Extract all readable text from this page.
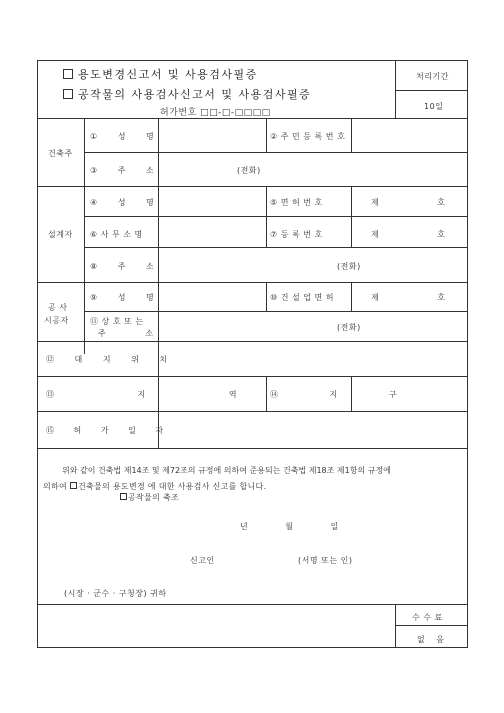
용도변경신고서 및 사용검사필증
공작물의 사용검사신고서 및 사용검사필증
허가번호 □□-□-□□□□
처리기간
10일
건축주
① 성 명	② 주 민 등 록 번 호
③ 주 소	(전화)
설계자
④ 성 명	⑤ 면 허 번 호	제 호
⑥ 사 무 소 명	⑦ 등 록 번 호	제 호
⑧ 주 소	(전화)
공 사
시공자
⑨ 성 명	⑩ 건 설 업 면 허	제 호
⑪ 상 호 또 는
주 소
(전화)
⑫ 대 지 위 치
⑬ 지 역	⑭ 지 구
⑮ 허 가 일 자
위와 같이 건축법 제14조 및 제72조의 규정에 의하여 준용되는 건축법 제18조 제1항의 규정에
의하여 건축물의 용도변경 에 대한 사용검사 신고를 합니다.
공작물의 축조
년 월 일
신고인	(서명 또는 인)
(시장 · 군수 · 구청장) 귀하
수 수 료
없 음
